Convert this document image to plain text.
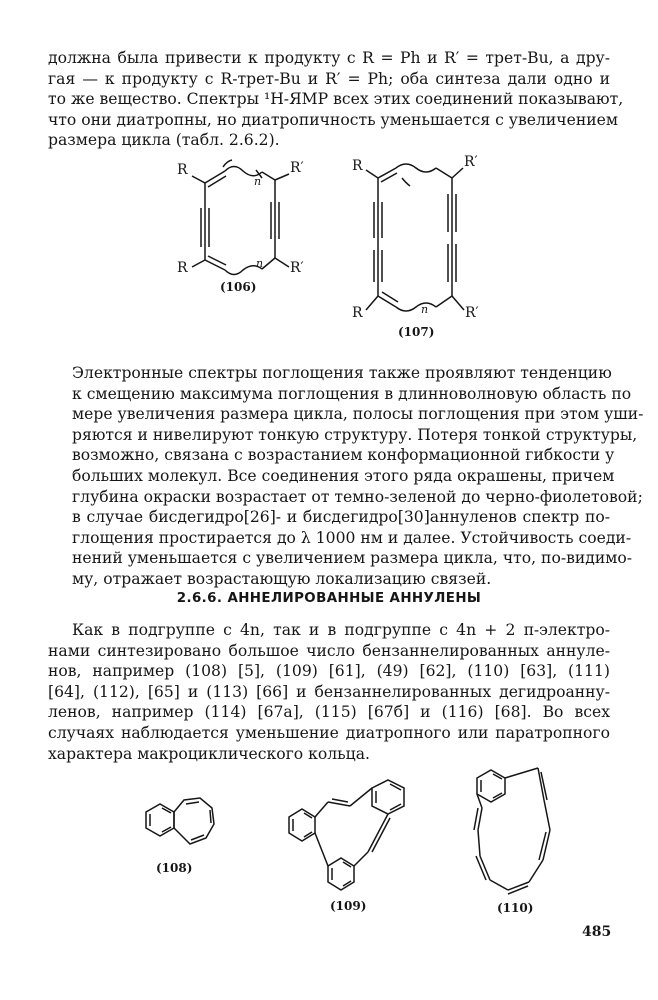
должна была привести к продукту с R = Ph и R′ = трет-Bu, а дру-
гая — к продукту с R-трет-Bu и R′ = Ph; оба синтеза дали одно и
то же вещество. Спектры ¹Н-ЯМР всех этих соединений показывают,
что они диатропны, но диатропичность уменьшается с увеличением
размера цикла (табл. 2.6.2).
R	R′
R	R′
n
n
(106)
R	R′
R	R′
n
(107)
Электронные спектры поглощения также проявляют тенденцию
к смещению максимума поглощения в длинноволновую область по
мере увеличения размера цикла, полосы поглощения при этом уши-
ряются и нивелируют тонкую структуру. Потеря тонкой структуры,
возможно, связана с возрастанием конформационной гибкости у
больших молекул. Все соединения этого ряда окрашены, причем
глубина окраски возрастает от темно-зеленой до черно-фиолетовой;
в случае бисдегидро[26]- и бисдегидро[30]аннуленов спектр по-
глощения простирается до λ 1000 нм и далее. Устойчивость соеди-
нений уменьшается с увеличением размера цикла, что, по-видимо-
му, отражает возрастающую локализацию связей.
2.6.6. АННЕЛИРОВАННЫЕ АННУЛЕНЫ
Как в подгруппе с 4n, так и в подгруппе с 4n + 2 π-электро-
нами синтезировано большое число бензаннелированных аннуле-
нов, например (108) [5], (109) [61], (49) [62], (110) [63], (111)
[64], (112), [65] и (113) [66] и бензаннелированных дегидроанну-
ленов, например (114) [67а], (115) [67б] и (116) [68]. Во всех
случаях наблюдается уменьшение диатропного или паратропного
характера макроциклического кольца.
(108)
(109)	(110)
485
